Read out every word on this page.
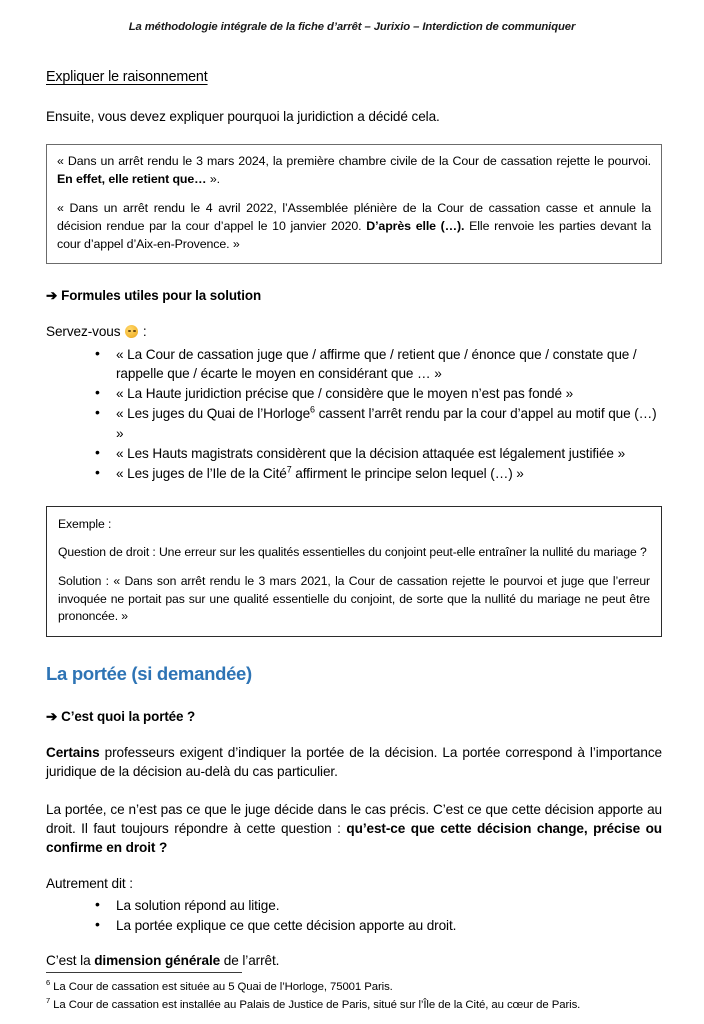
La méthodologie intégrale de la fiche d’arrêt – Jurixio – Interdiction de communiquer
Expliquer le raisonnement
Ensuite, vous devez expliquer pourquoi la juridiction a décidé cela.

« Dans un arrêt rendu le 3 mars 2024, la première chambre civile de la Cour de cassation rejette le pourvoi. En effet, elle retient que… ».

« Dans un arrêt rendu le 4 avril 2022, l’Assemblée plénière de la Cour de cassation casse et annule la décision rendue par la cour d’appel le 10 janvier 2020. D’après elle (…). Elle renvoie les parties devant la cour d’appel d’Aix-en-Provence. »

➔ Formules utiles pour la solution
Servez-vous  :
• « La Cour de cassation juge que / affirme que / retient que / énonce que / constate que / rappelle que / écarte le moyen en considérant que … »
• « La Haute juridiction précise que / considère que le moyen n’est pas fondé »
• « Les juges du Quai de l’Horloge$^6$ cassent l’arrêt rendu par la cour d’appel au motif que (…) »
• « Les Hauts magistrats considèrent que la décision attaquée est légalement justifiée »
• « Les juges de l’Ile de la Cité$^7$ affirment le principe selon lequel (…) »

Exemple :

Question de droit : Une erreur sur les qualités essentielles du conjoint peut-elle entraîner la nullité du mariage ?

Solution : « Dans son arrêt rendu le 3 mars 2021, la Cour de cassation rejette le pourvoi et juge que l’erreur invoquée ne portait pas sur une qualité essentielle du conjoint, de sorte que la nullité du mariage ne peut être prononcée. »

La portée (si demandée)
➔ C’est quoi la portée ?
Certains professeurs exigent d’indiquer la portée de la décision. La portée correspond à l’importance juridique de la décision au-delà du cas particulier.
La portée, ce n’est pas ce que le juge décide dans le cas précis. C’est ce que cette décision apporte au droit. Il faut toujours répondre à cette question : qu’est-ce que cette décision change, précise ou confirme en droit ?
Autrement dit :
• La solution répond au litige.
• La portée explique ce que cette décision apporte au droit.
C’est la dimension générale de l’arrêt.

$^6$ La Cour de cassation est située au 5 Quai de l’Horloge, 75001 Paris.

$^7$ La Cour de cassation est installée au Palais de Justice de Paris, situé sur l’Île de la Cité, au cœur de Paris.
